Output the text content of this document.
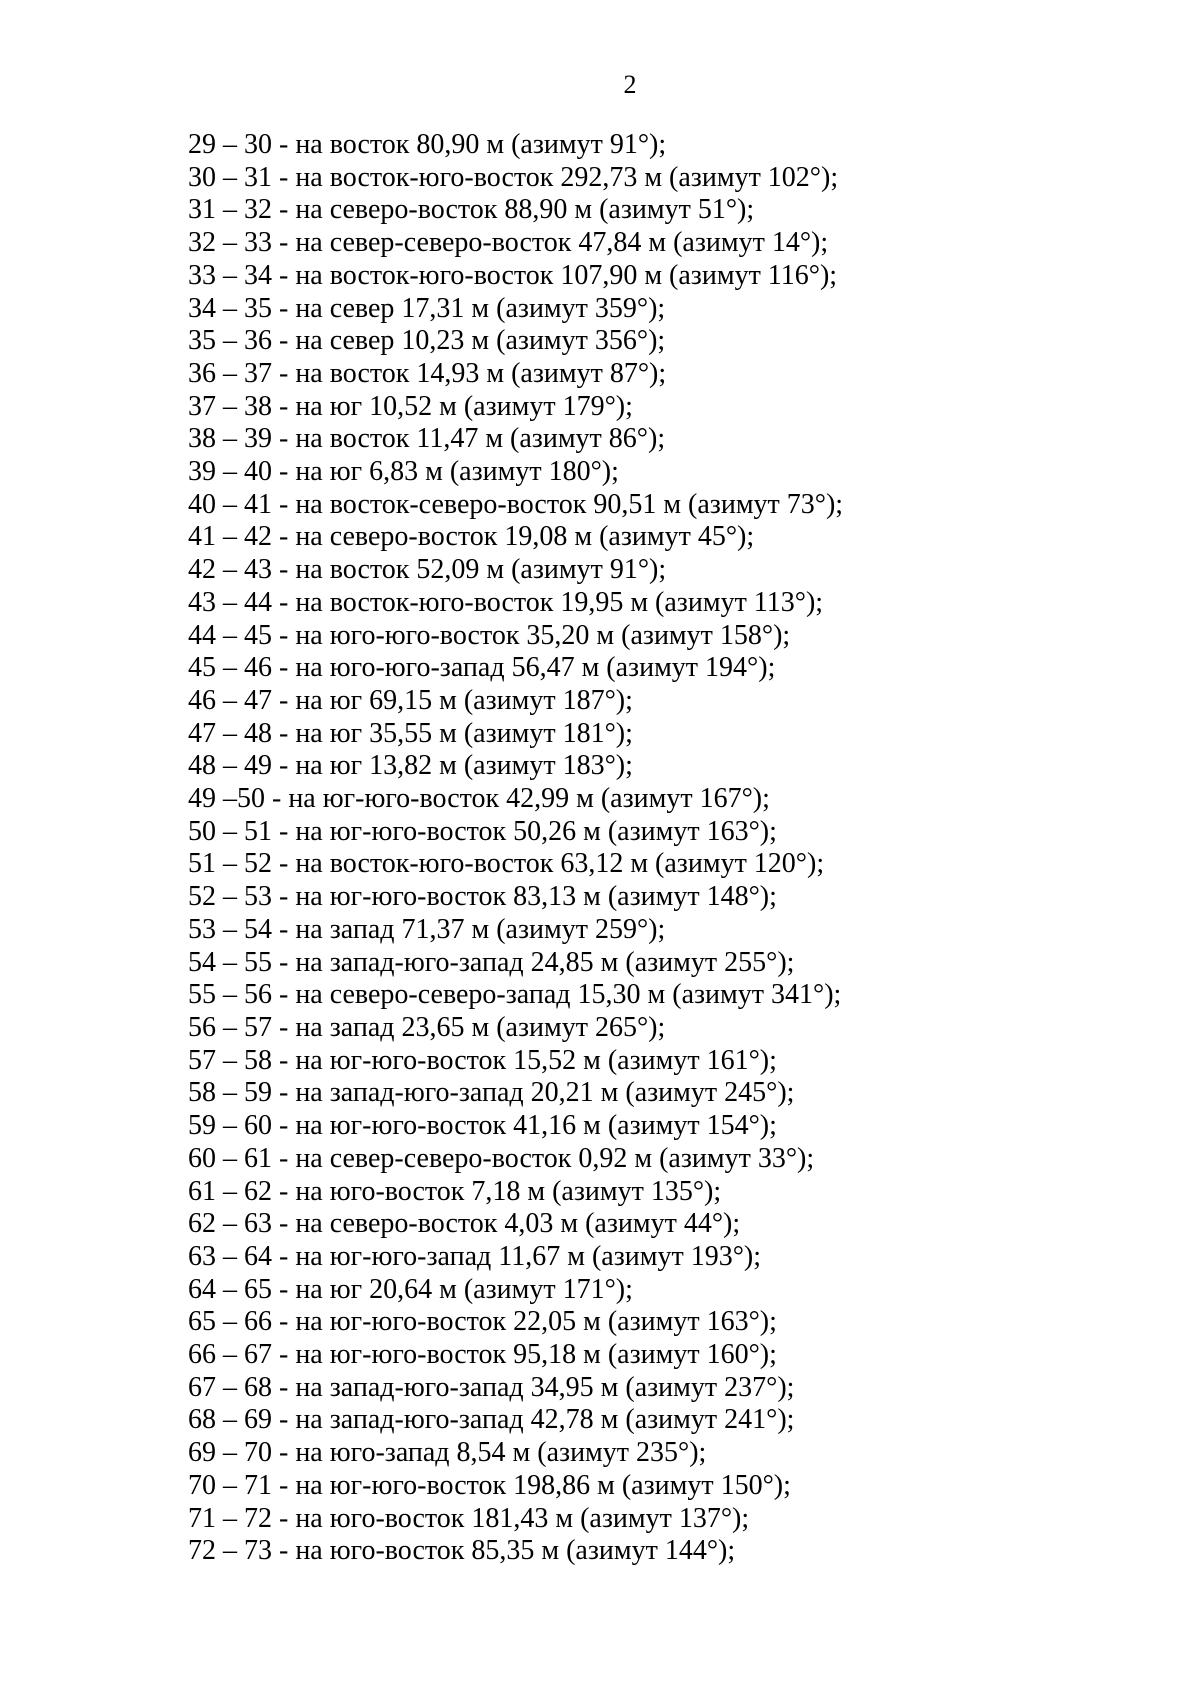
2
29 – 30 - на восток 80,90 м (азимут 91°);
30 – 31 - на восток-юго-восток 292,73 м (азимут 102°);
31 – 32 - на северо-восток 88,90 м (азимут 51°);
32 – 33 - на север-северо-восток 47,84 м (азимут 14°);
33 – 34 - на восток-юго-восток 107,90 м (азимут 116°);
34 – 35 - на север 17,31 м (азимут 359°);
35 – 36 - на север 10,23 м (азимут 356°);
36 – 37 - на восток 14,93 м (азимут 87°);
37 – 38 - на юг 10,52 м (азимут 179°);
38 – 39 - на восток 11,47 м (азимут 86°);
39 – 40 - на юг 6,83 м (азимут 180°);
40 – 41 - на восток-северо-восток 90,51 м (азимут 73°);
41 – 42 - на северо-восток 19,08 м (азимут 45°);
42 – 43 - на восток 52,09 м (азимут 91°);
43 – 44 - на восток-юго-восток 19,95 м (азимут 113°);
44 – 45 - на юго-юго-восток 35,20 м (азимут 158°);
45 – 46 - на юго-юго-запад 56,47 м (азимут 194°);
46 – 47 - на юг 69,15 м (азимут 187°);
47 – 48 - на юг 35,55 м (азимут 181°);
48 – 49 - на юг 13,82 м (азимут 183°);
49 –50 - на юг-юго-восток 42,99 м (азимут 167°);
50 – 51 - на юг-юго-восток 50,26 м (азимут 163°);
51 – 52 - на восток-юго-восток 63,12 м (азимут 120°);
52 – 53 - на юг-юго-восток 83,13 м (азимут 148°);
53 – 54 - на запад 71,37 м (азимут 259°);
54 – 55 - на запад-юго-запад 24,85 м (азимут 255°);
55 – 56 - на северо-северо-запад 15,30 м (азимут 341°);
56 – 57 - на запад 23,65 м (азимут 265°);
57 – 58 - на юг-юго-восток 15,52 м (азимут 161°);
58 – 59 - на запад-юго-запад 20,21 м (азимут 245°);
59 – 60 - на юг-юго-восток 41,16 м (азимут 154°);
60 – 61 - на север-северо-восток 0,92 м (азимут 33°);
61 – 62 - на юго-восток 7,18 м (азимут 135°);
62 – 63 - на северо-восток 4,03 м (азимут 44°);
63 – 64 - на юг-юго-запад 11,67 м (азимут 193°);
64 – 65 - на юг 20,64 м (азимут 171°);
65 – 66 - на юг-юго-восток 22,05 м (азимут 163°);
66 – 67 - на юг-юго-восток 95,18 м (азимут 160°);
67 – 68 - на запад-юго-запад 34,95 м (азимут 237°);
68 – 69 - на запад-юго-запад 42,78 м (азимут 241°);
69 – 70 - на юго-запад 8,54 м (азимут 235°);
70 – 71 - на юг-юго-восток 198,86 м (азимут 150°);
71 – 72 - на юго-восток 181,43 м (азимут 137°);
72 – 73 - на юго-восток 85,35 м (азимут 144°);
